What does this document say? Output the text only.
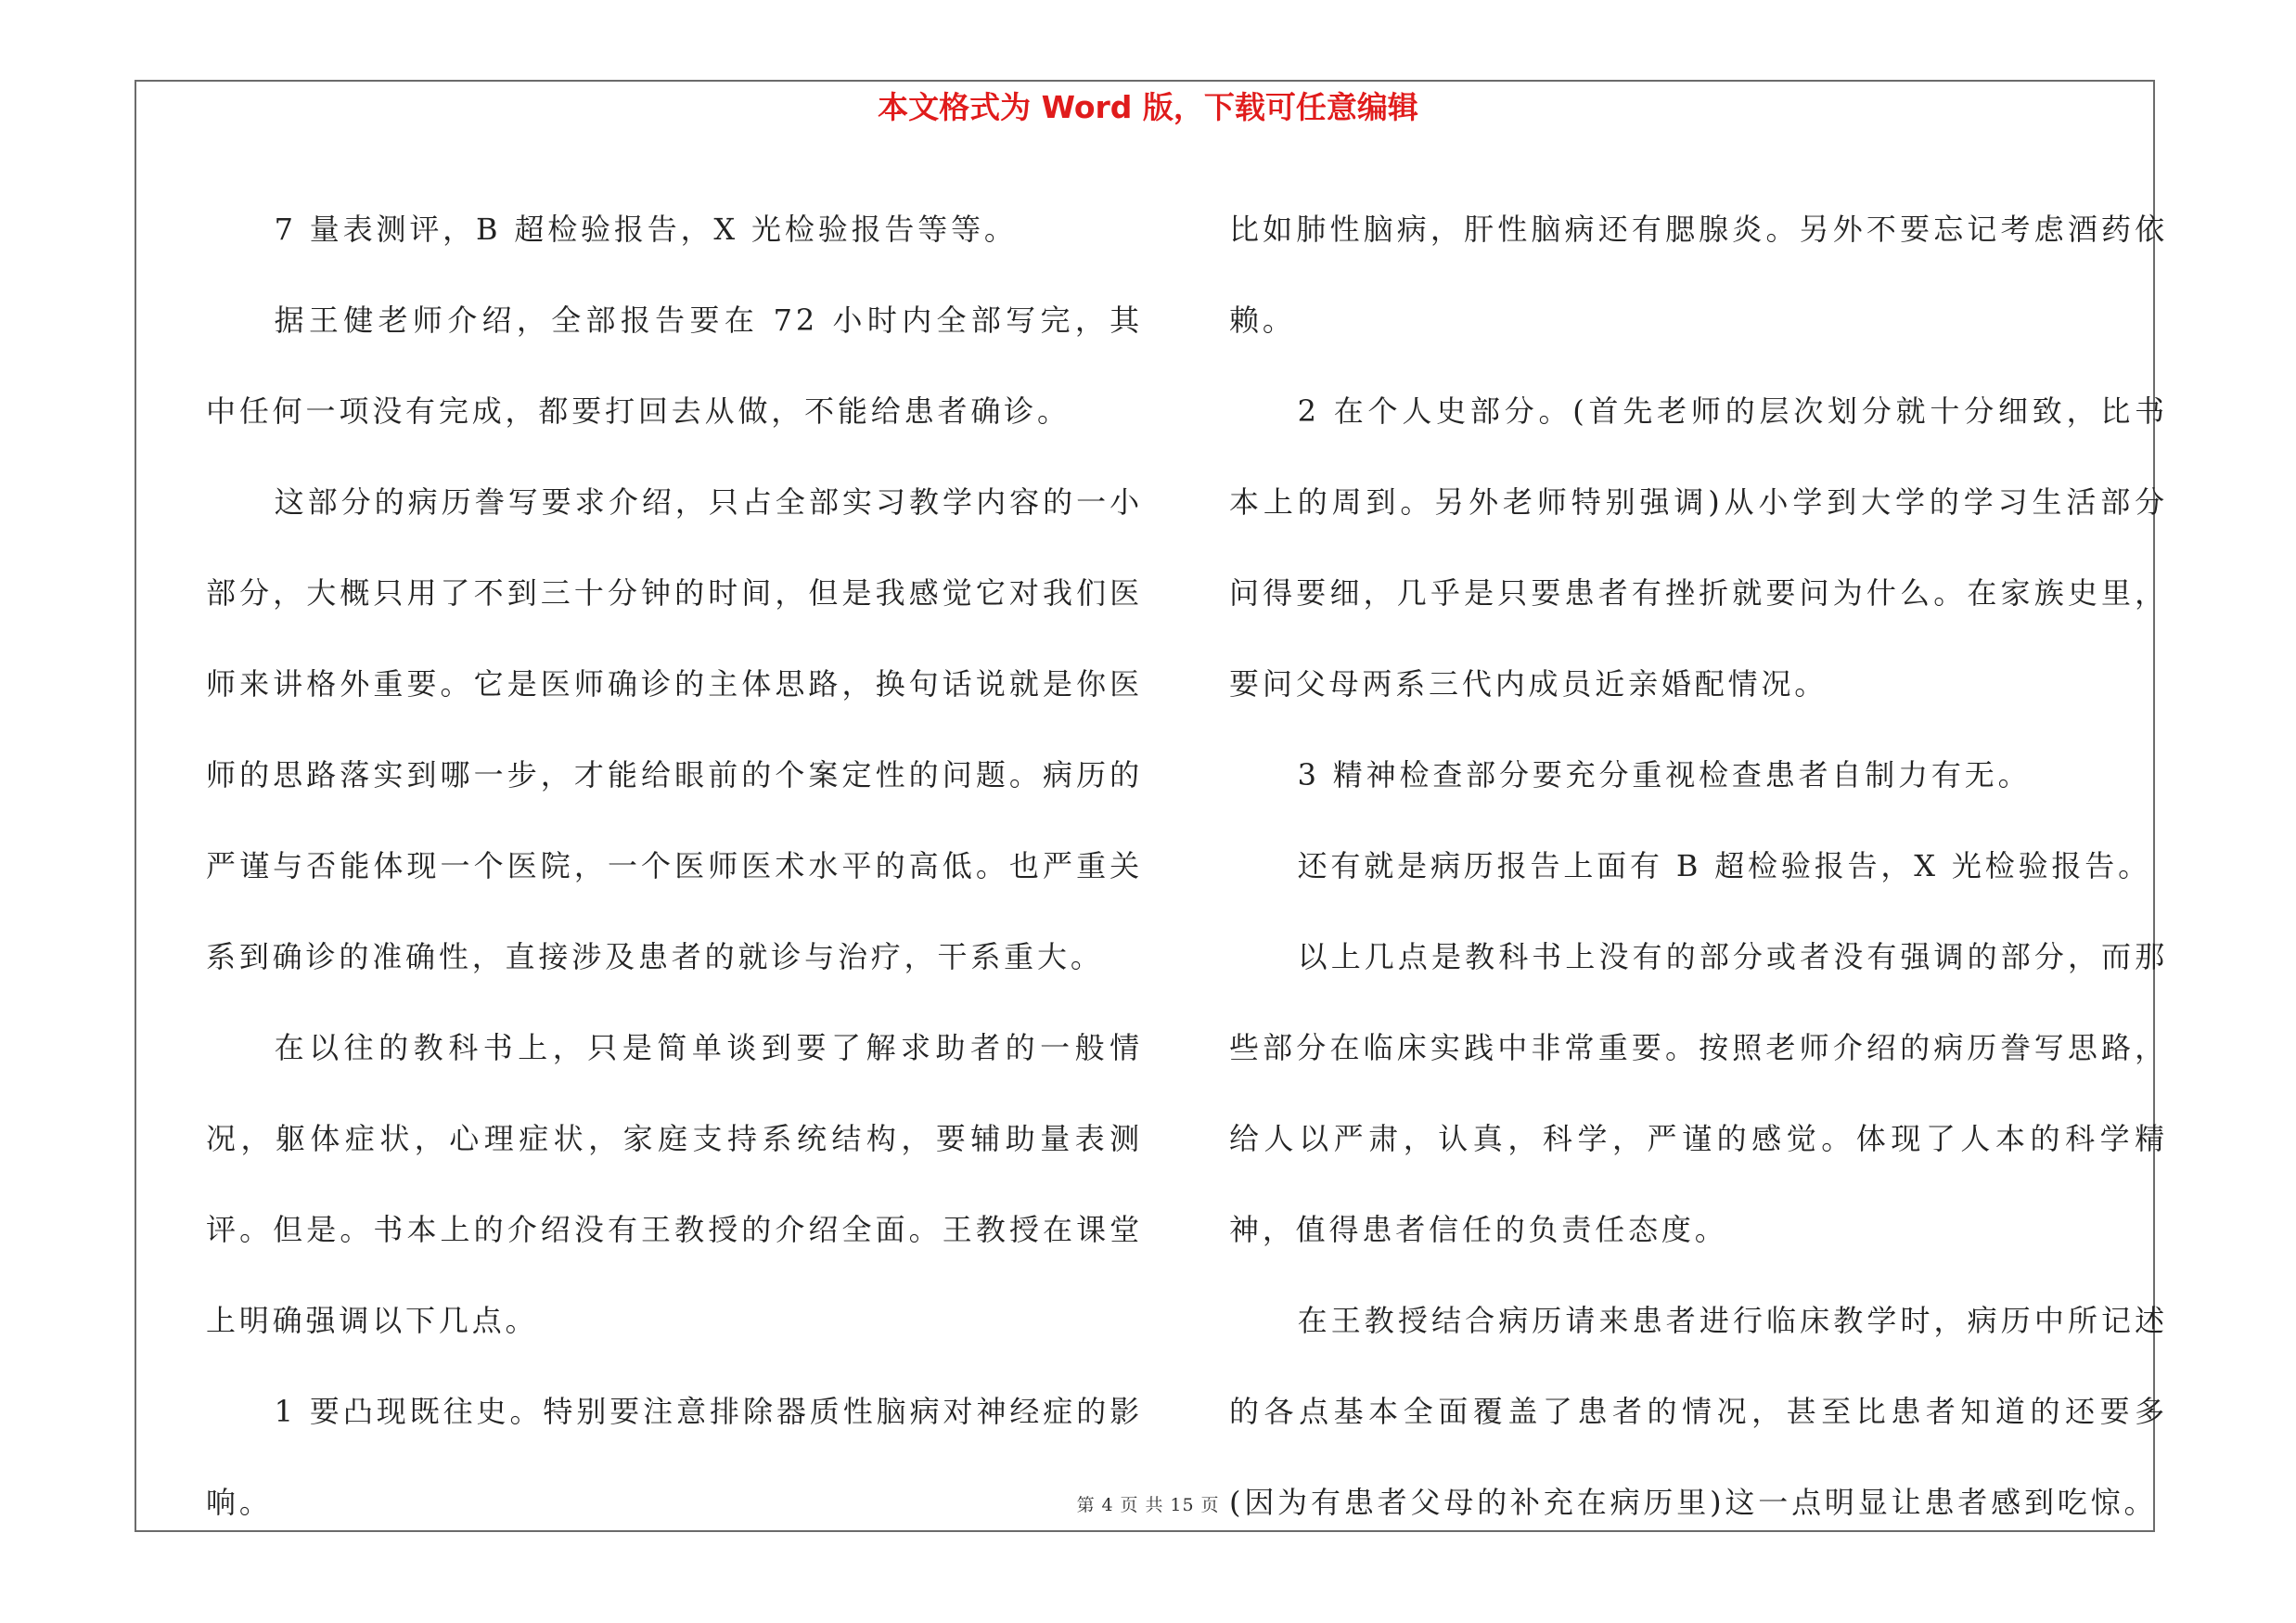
本文格式为 Word 版，下载可任意编辑

7 量表测评，B 超检验报告，X 光检验报告等等。

据王健老师介绍，全部报告要在 72 小时内全部写完，其中任何一项没有完成，都要打回去从做，不能给患者确诊。

这部分的病历誊写要求介绍，只占全部实习教学内容的一小部分，大概只用了不到三十分钟的时间，但是我感觉它对我们医师来讲格外重要。它是医师确诊的主体思路，换句话说就是你医师的思路落实到哪一步，才能给眼前的个案定性的问题。病历的严谨与否能体现一个医院，一个医师医术水平的高低。也严重关系到确诊的准确性，直接涉及患者的就诊与治疗，干系重大。

在以往的教科书上，只是简单谈到要了解求助者的一般情况，躯体症状，心理症状，家庭支持系统结构，要辅助量表测评。但是。书本上的介绍没有王教授的介绍全面。王教授在课堂上明确强调以下几点。

1 要凸现既往史。特别要注意排除器质性脑病对神经症的影响。

比如肺性脑病，肝性脑病还有腮腺炎。另外不要忘记考虑酒药依赖。

2 在个人史部分。(首先老师的层次划分就十分细致，比书本上的周到。另外老师特别强调)从小学到大学的学习生活部分问得要细，几乎是只要患者有挫折就要问为什么。在家族史里，要问父母两系三代内成员近亲婚配情况。

3 精神检查部分要充分重视检查患者自制力有无。

还有就是病历报告上面有 B 超检验报告，X 光检验报告。

以上几点是教科书上没有的部分或者没有强调的部分，而那些部分在临床实践中非常重要。按照老师介绍的病历誊写思路，给人以严肃，认真，科学，严谨的感觉。体现了人本的科学精神，值得患者信任的负责任态度。

在王教授结合病历请来患者进行临床教学时，病历中所记述的各点基本全面覆盖了患者的情况，甚至比患者知道的还要多(因为有患者父母的补充在病历里)这一点明显让患者感到吃惊。

第 4 页 共 15 页
